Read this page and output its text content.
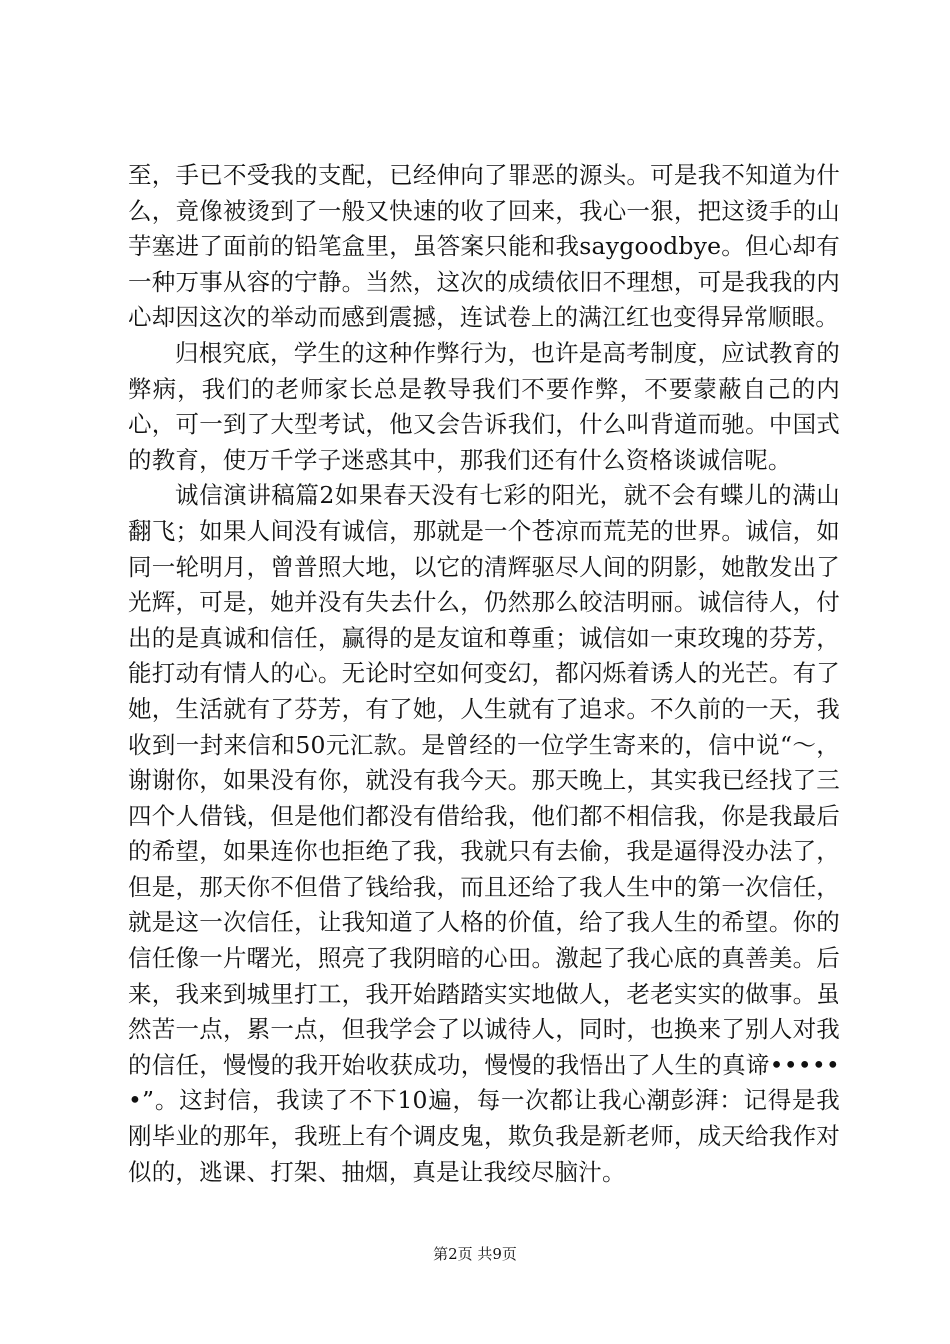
至，手已不受我的支配，已经伸向了罪恶的源头。可是我不知道为什么，竟像被烫到了一般又快速的收了回来，我心一狠，把这烫手的山芋塞进了面前的铅笔盒里，虽答案只能和我saygoodbye。但心却有一种万事从容的宁静。当然，这次的成绩依旧不理想，可是我我的内心却因这次的举动而感到震撼，连试卷上的满江红也变得异常顺眼。

归根究底，学生的这种作弊行为，也许是高考制度，应试教育的弊病，我们的老师家长总是教导我们不要作弊，不要蒙蔽自己的内心，可一到了大型考试，他又会告诉我们，什么叫背道而驰。中国式的教育，使万千学子迷惑其中，那我们还有什么资格谈诚信呢。

诚信演讲稿篇2如果春天没有七彩的阳光，就不会有蝶儿的满山翻飞；如果人间没有诚信，那就是一个苍凉而荒芜的世界。诚信，如同一轮明月，曾普照大地，以它的清辉驱尽人间的阴影，她散发出了光辉，可是，她并没有失去什么，仍然那么皎洁明丽。诚信待人，付出的是真诚和信任，赢得的是友谊和尊重；诚信如一束玫瑰的芬芳，能打动有情人的心。无论时空如何变幻，都闪烁着诱人的光芒。有了她，生活就有了芬芳，有了她，人生就有了追求。不久前的一天，我收到一封来信和50元汇款。是曾经的一位学生寄来的，信中说“～，谢谢你，如果没有你，就没有我今天。那天晚上，其实我已经找了三四个人借钱，但是他们都没有借给我，他们都不相信我，你是我最后的希望，如果连你也拒绝了我，我就只有去偷，我是逼得没办法了，但是，那天你不但借了钱给我，而且还给了我人生中的第一次信任，就是这一次信任，让我知道了人格的价值，给了我人生的希望。你的信任像一片曙光，照亮了我阴暗的心田。激起了我心底的真善美。后来，我来到城里打工，我开始踏踏实实地做人，老老实实的做事。虽然苦一点，累一点，但我学会了以诚待人，同时，也换来了别人对我的信任，慢慢的我开始收获成功，慢慢的我悟出了人生的真谛••••••”。这封信，我读了不下10遍，每一次都让我心潮彭湃：记得是我刚毕业的那年，我班上有个调皮鬼，欺负我是新老师，成天给我作对似的，逃课、打架、抽烟，真是让我绞尽脑汁。

第2页 共9页
